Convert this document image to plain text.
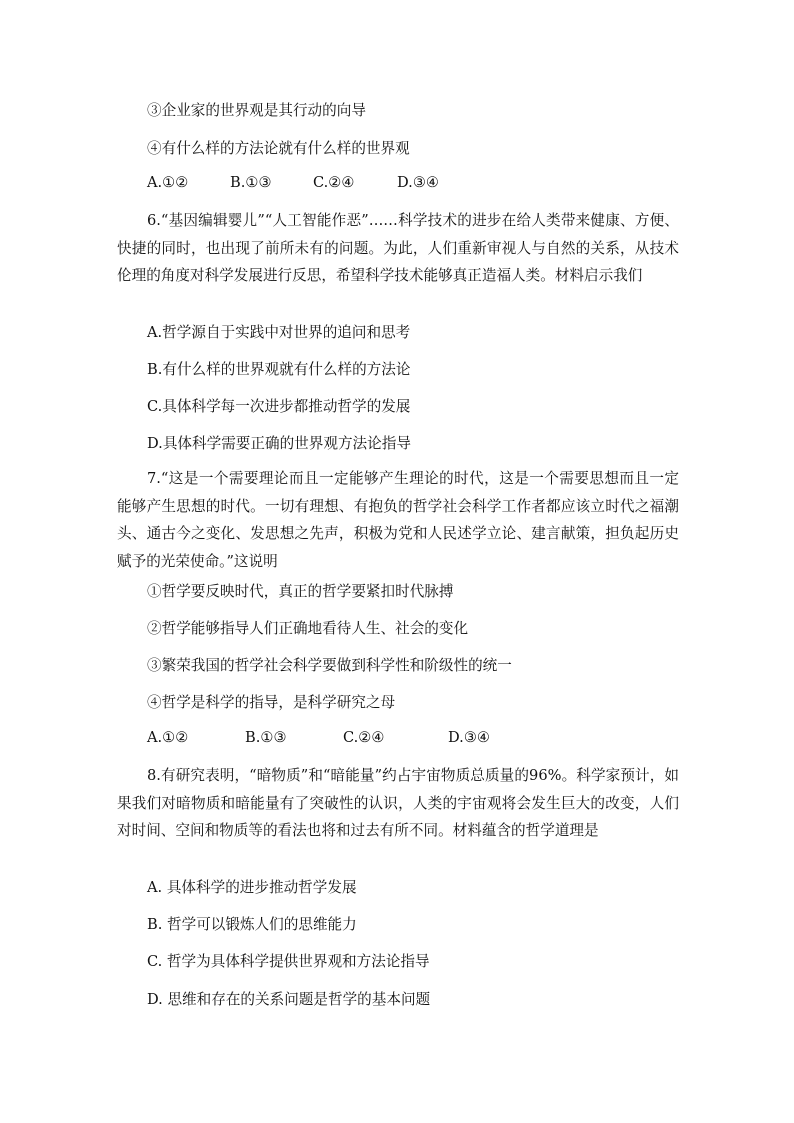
③企业家的世界观是其行动的向导
④有什么样的方法论就有什么样的世界观
A.①②	B.①③	C.②④	D.③④
6.“基因编辑婴儿”“人工智能作恶”……科学技术的进步在给人类带来健康、方便、快捷的同时，也出现了前所未有的问题。为此，人们重新审视人与自然的关系，从技术伦理的角度对科学发展进行反思，希望科学技术能够真正造福人类。材料启示我们
A.哲学源自于实践中对世界的追问和思考
B.有什么样的世界观就有什么样的方法论
C.具体科学每一次进步都推动哲学的发展
D.具体科学需要正确的世界观方法论指导
7.“这是一个需要理论而且一定能够产生理论的时代，这是一个需要思想而且一定能够产生思想的时代。一切有理想、有抱负的哲学社会科学工作者都应该立时代之福潮头、通古今之变化、发思想之先声，积极为党和人民述学立论、建言献策，担负起历史赋予的光荣使命。”这说明
①哲学要反映时代，真正的哲学要紧扣时代脉搏
②哲学能够指导人们正确地看待人生、社会的变化
③繁荣我国的哲学社会科学要做到科学性和阶级性的统一
④哲学是科学的指导，是科学研究之母
A.①②	B.①③	C.②④	D.③④
8.有研究表明，“暗物质”和“暗能量”约占宇宙物质总质量的96%。科学家预计，如果我们对暗物质和暗能量有了突破性的认识，人类的宇宙观将会发生巨大的改变，人们对时间、空间和物质等的看法也将和过去有所不同。材料蕴含的哲学道理是
A. 具体科学的进步推动哲学发展
B. 哲学可以锻炼人们的思维能力
C. 哲学为具体科学提供世界观和方法论指导
D. 思维和存在的关系问题是哲学的基本问题
